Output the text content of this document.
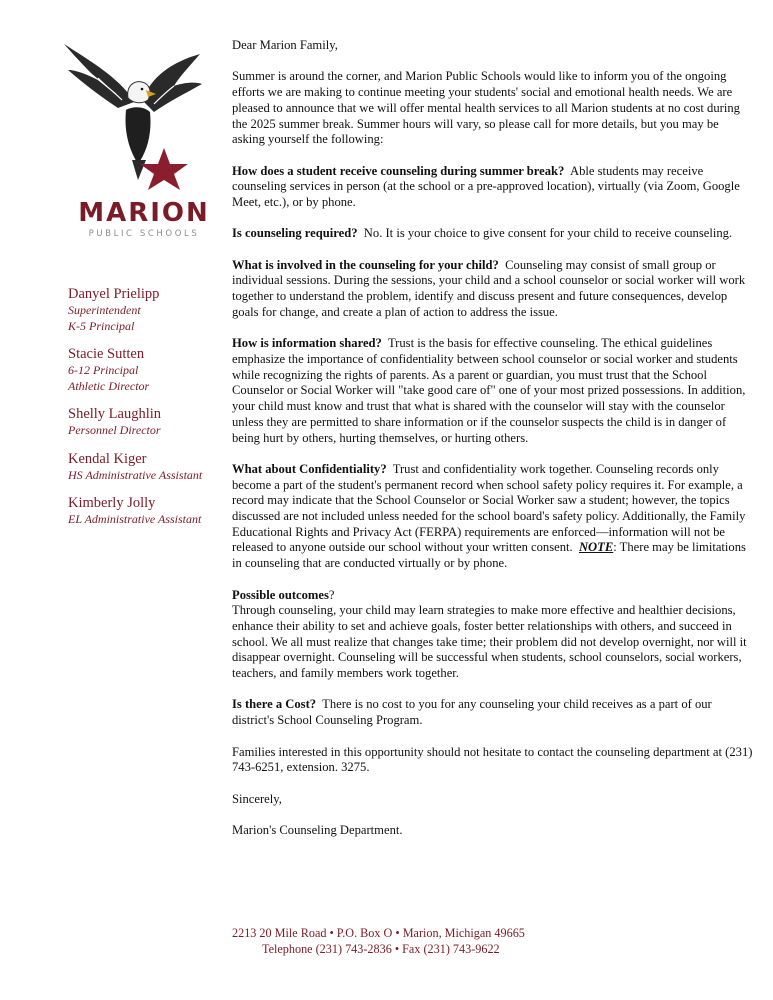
MARION
PUBLIC SCHOOLS
Danyel Prielipp
Superintendent
K-5 Principal
Stacie Sutten
6-12 Principal
Athletic Director
Shelly Laughlin
Personnel Director
Kendal Kiger
HS Administrative Assistant
Kimberly Jolly
EL Administrative Assistant

Dear Marion Family,

Summer is around the corner, and Marion Public Schools would like to inform you of the ongoing efforts we are making to continue meeting your students' social and emotional health needs. We are pleased to announce that we will offer mental health services to all Marion students at no cost during the 2025 summer break. Summer hours will vary, so please call for more details, but you may be asking yourself the following:

How does a student receive counseling during summer break? Able students may receive counseling services in person (at the school or a pre-approved location), virtually (via Zoom, Google Meet, etc.), or by phone.

Is counseling required? No. It is your choice to give consent for your child to receive counseling.

What is involved in the counseling for your child? Counseling may consist of small group or individual sessions. During the sessions, your child and a school counselor or social worker will work together to understand the problem, identify and discuss present and future consequences, develop goals for change, and create a plan of action to address the issue.

How is information shared? Trust is the basis for effective counseling. The ethical guidelines emphasize the importance of confidentiality between school counselor or social worker and students while recognizing the rights of parents. As a parent or guardian, you must trust that the School Counselor or Social Worker will "take good care of" one of your most prized possessions. In addition, your child must know and trust that what is shared with the counselor will stay with the counselor unless they are permitted to share information or if the counselor suspects the child is in danger of being hurt by others, hurting themselves, or hurting others.

What about Confidentiality? Trust and confidentiality work together. Counseling records only become a part of the student's permanent record when school safety policy requires it. For example, a record may indicate that the School Counselor or Social Worker saw a student; however, the topics discussed are not included unless needed for the school board's safety policy. Additionally, the Family Educational Rights and Privacy Act (FERPA) requirements are enforced—information will not be released to anyone outside our school without your written consent. NOTE: There may be limitations in counseling that are conducted virtually or by phone.

Possible outcomes?
Through counseling, your child may learn strategies to make more effective and healthier decisions, enhance their ability to set and achieve goals, foster better relationships with others, and succeed in school. We all must realize that changes take time; their problem did not develop overnight, nor will it disappear overnight. Counseling will be successful when students, school counselors, social workers, teachers, and family members work together.

Is there a Cost? There is no cost to you for any counseling your child receives as a part of our district's School Counseling Program.

Families interested in this opportunity should not hesitate to contact the counseling department at (231) 743-6251, extension. 3275.

Sincerely,

Marion's Counseling Department.

2213 20 Mile Road • P.O. Box O • Marion, Michigan 49665
Telephone (231) 743-2836 • Fax (231) 743-9622
